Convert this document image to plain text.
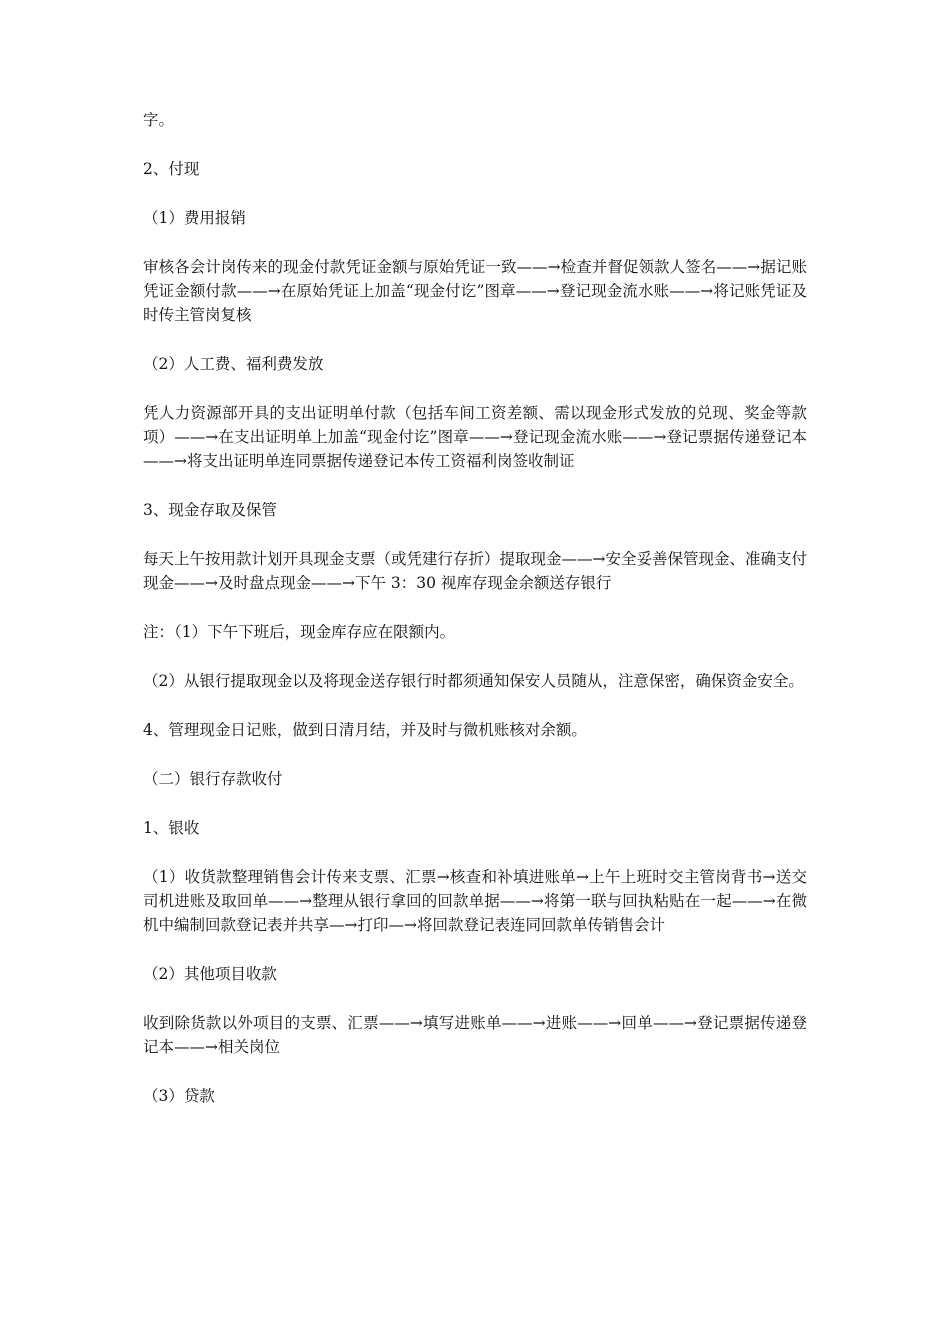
字。

2、付现

（1）费用报销

审核各会计岗传来的现金付款凭证金额与原始凭证一致——→检查并督促领款人签名——→据记账凭证金额付款——→在原始凭证上加盖“现金付讫”图章——→登记现金流水账——→将记账凭证及时传主管岗复核

（2）人工费、福利费发放

凭人力资源部开具的支出证明单付款（包括车间工资差额、需以现金形式发放的兑现、奖金等款项）——→在支出证明单上加盖“现金付讫”图章——→登记现金流水账——→登记票据传递登记本——→将支出证明单连同票据传递登记本传工资福利岗签收制证

3、现金存取及保管

每天上午按用款计划开具现金支票（或凭建行存折）提取现金——→安全妥善保管现金、准确支付现金——→及时盘点现金——→下午 3：30 视库存现金余额送存银行

注：（1）下午下班后，现金库存应在限额内。

（2）从银行提取现金以及将现金送存银行时都须通知保安人员随从，注意保密，确保资金安全。

4、管理现金日记账，做到日清月结，并及时与微机账核对余额。

（二）银行存款收付

1、银收

（1）收货款整理销售会计传来支票、汇票→核查和补填进账单→上午上班时交主管岗背书→送交司机进账及取回单——→整理从银行拿回的回款单据——→将第一联与回执粘贴在一起——→在微机中编制回款登记表并共享—→打印—→将回款登记表连同回款单传销售会计

（2）其他项目收款

收到除货款以外项目的支票、汇票——→填写进账单——→进账——→回单——→登记票据传递登记本——→相关岗位

（3）贷款
